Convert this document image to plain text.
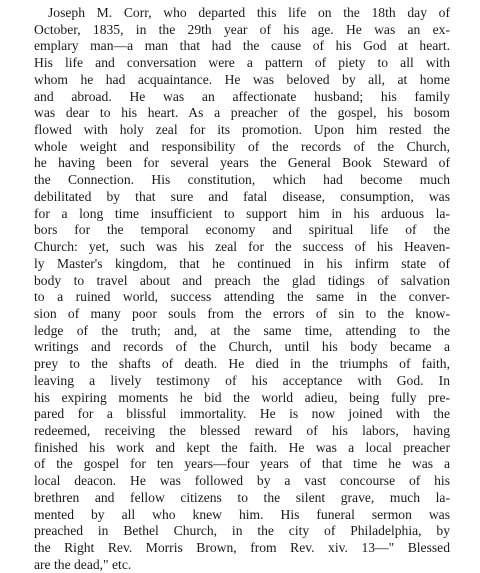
Joseph M. Corr, who departed this life on the 18th day of
October, 1835, in the 29th year of his age. He was an ex-
emplary man—a man that had the cause of his God at heart.
His life and conversation were a pattern of piety to all with
whom he had acquaintance. He was beloved by all, at home
and abroad. He was an affectionate husband; his family
was dear to his heart. As a preacher of the gospel, his bosom
flowed with holy zeal for its promotion. Upon him rested the
whole weight and responsibility of the records of the Church,
he having been for several years the General Book Steward of
the Connection. His constitution, which had become much
debilitated by that sure and fatal disease, consumption, was
for a long time insufficient to support him in his arduous la-
bors for the temporal economy and spiritual life of the
Church: yet, such was his zeal for the success of his Heaven-
ly Master's kingdom, that he continued in his infirm state of
body to travel about and preach the glad tidings of salvation
to a ruined world, success attending the same in the conver-
sion of many poor souls from the errors of sin to the know-
ledge of the truth; and, at the same time, attending to the
writings and records of the Church, until his body became a
prey to the shafts of death. He died in the triumphs of faith,
leaving a lively testimony of his acceptance with God. In
his expiring moments he bid the world adieu, being fully pre-
pared for a blissful immortality. He is now joined with the
redeemed, receiving the blessed reward of his labors, having
finished his work and kept the faith. He was a local preacher
of the gospel for ten years—four years of that time he was a
local deacon. He was followed by a vast concourse of his
brethren and fellow citizens to the silent grave, much la-
mented by all who knew him. His funeral sermon was
preached in Bethel Church, in the city of Philadelphia, by
the Right Rev. Morris Brown, from Rev. xiv. 13—" Blessed
are the dead," etc.
